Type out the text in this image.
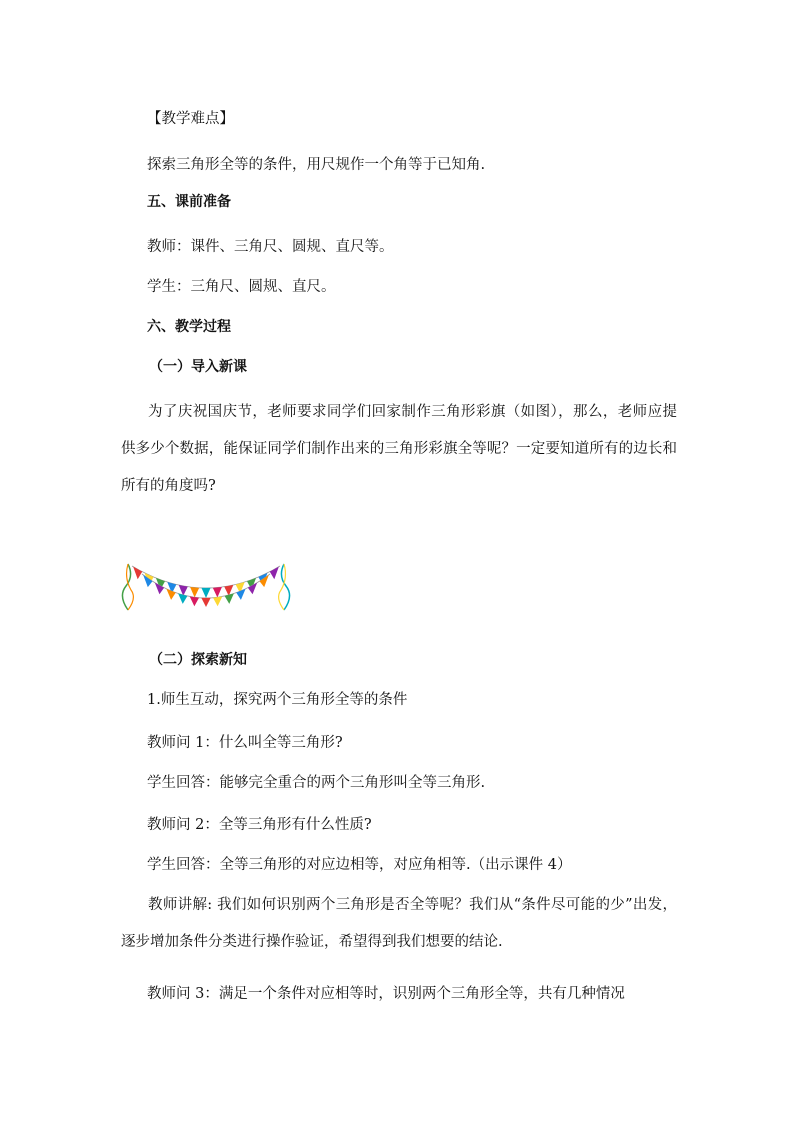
【教学难点】
探索三角形全等的条件，用尺规作一个角等于已知角.
五、课前准备
教师：课件、三角尺、圆规、直尺等。
学生：三角尺、圆规、直尺。
六、教学过程
（一）导入新课
为了庆祝国庆节，老师要求同学们回家制作三角形彩旗（如图），那么，老师应提供多少个数据，能保证同学们制作出来的三角形彩旗全等呢？一定要知道所有的边长和所有的角度吗?
（二）探索新知
1.师生互动，探究两个三角形全等的条件
教师问 1：什么叫全等三角形?
学生回答：能够完全重合的两个三角形叫全等三角形.
教师问 2：全等三角形有什么性质?
学生回答：全等三角形的对应边相等，对应角相等.（出示课件 4）
教师讲解: 我们如何识别两个三角形是否全等呢？我们从“条件尽可能的少”出发，逐步增加条件分类进行操作验证，希望得到我们想要的结论.
教师问 3：满足一个条件对应相等时，识别两个三角形全等，共有几种情况
